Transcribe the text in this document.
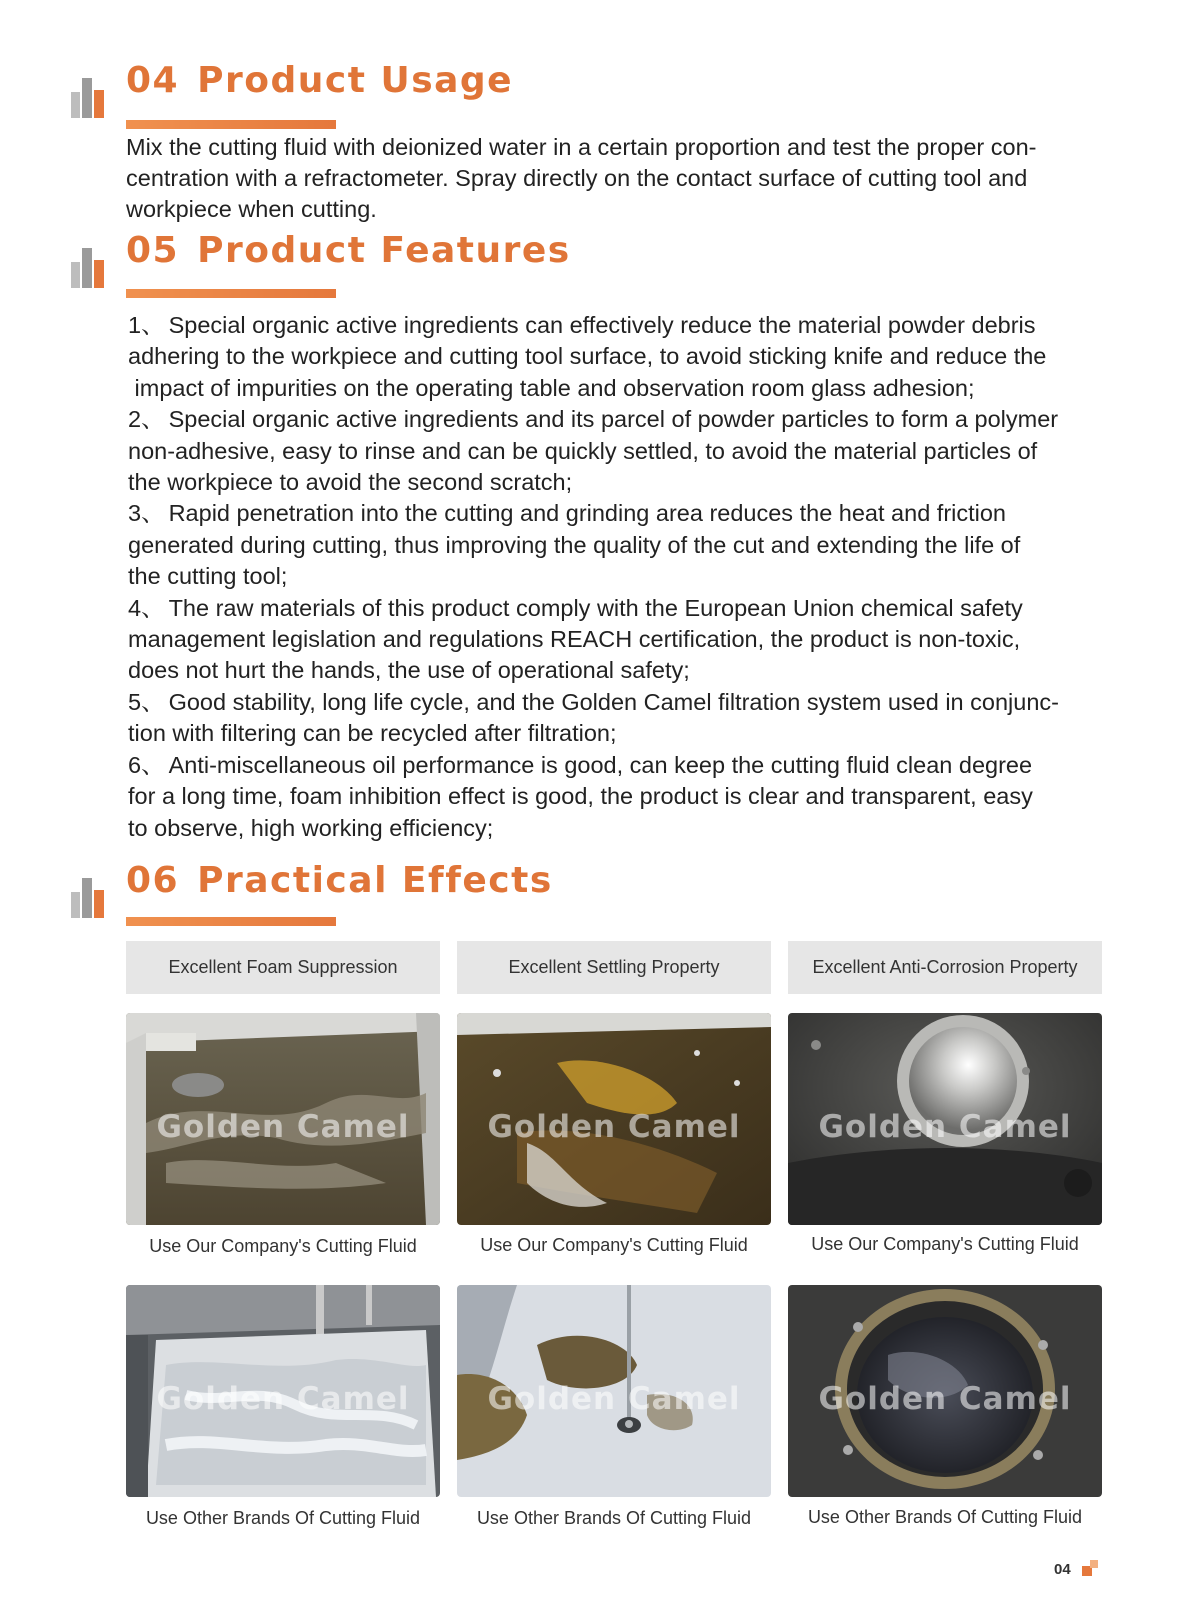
04 Product Usage

Mix the cutting fluid with deionized water in a certain proportion and test the proper con-
centration with a refractometer. Spray directly on the contact surface of cutting tool and
workpiece when cutting.

05 Product Features
1、 Special organic active ingredients can effectively reduce the material powder debris
adhering to the workpiece and cutting tool surface, to avoid sticking knife and reduce the
impact of impurities on the operating table and observation room glass adhesion;
2、 Special organic active ingredients and its parcel of powder particles to form a polymer
non-adhesive, easy to rinse and can be quickly settled, to avoid the material particles of
the workpiece to avoid the second scratch;
3、 Rapid penetration into the cutting and grinding area reduces the heat and friction
generated during cutting, thus improving the quality of the cut and extending the life of
the cutting tool;
4、 The raw materials of this product comply with the European Union chemical safety
management legislation and regulations REACH certification, the product is non-toxic,
does not hurt the hands, the use of operational safety;
5、 Good stability, long life cycle, and the Golden Camel filtration system used in conjunc-
tion with filtering can be recycled after filtration;
6、 Anti-miscellaneous oil performance is good, can keep the cutting fluid clean degree
for a long time, foam inhibition effect is good, the product is clear and transparent, easy
to observe, high working efficiency;
06 Practical Effects
Excellent Foam Suppression	Excellent Settling Property	Excellent Anti-Corrosion Property
Golden Camel	Golden Camel	Golden Camel
Use Our Company's Cutting Fluid	Use Our Company's Cutting Fluid	Use Our Company's Cutting Fluid
Golden Camel	Golden Camel	Golden Camel
Use Other Brands Of Cutting Fluid	Use Other Brands Of Cutting Fluid	Use Other Brands Of Cutting Fluid
04
